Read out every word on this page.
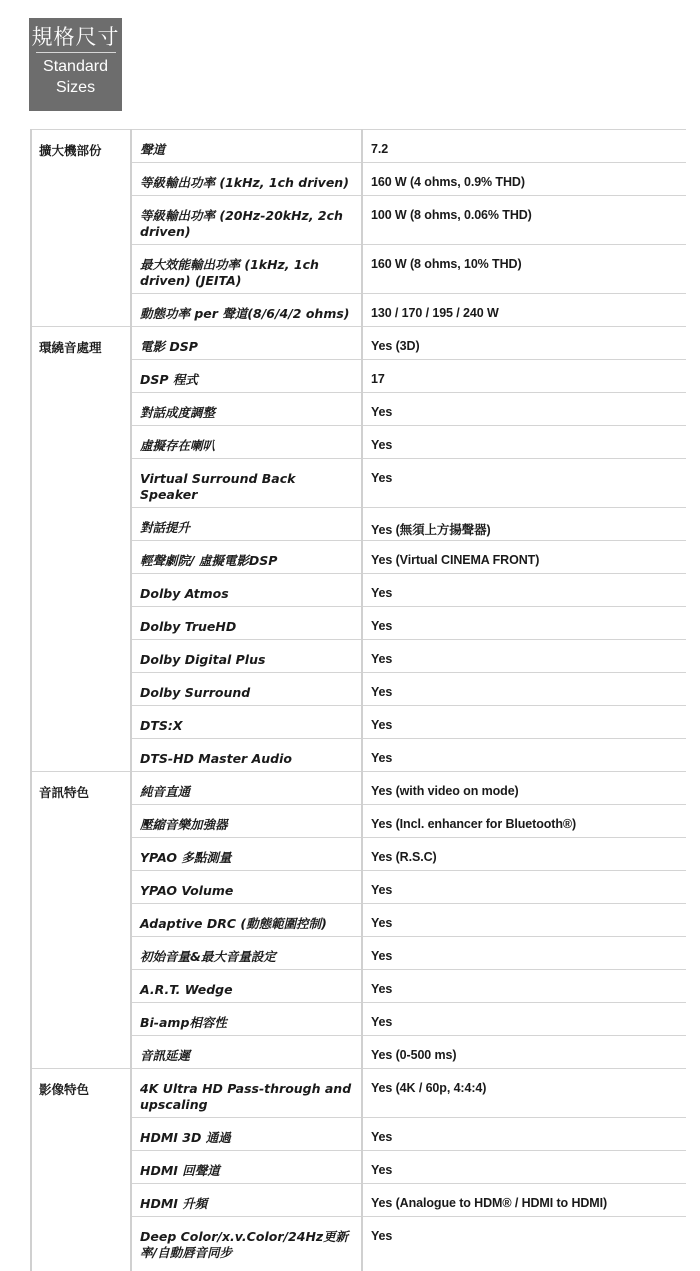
規格尺寸
Standard
Sizes
擴大機部份	聲道	7.2

	等級輸出功率 (1kHz, 1ch driven)	160 W (4 ohms, 0.9% THD)

	等級輸出功率 (20Hz-20kHz, 2ch driven)	100 W (8 ohms, 0.06% THD)

	最大效能輸出功率 (1kHz, 1ch driven) (JEITA)	160 W (8 ohms, 10% THD)

	動態功率 per 聲道(8/6/4/2 ohms)	130 / 170 / 195 / 240 W

環繞音處理	電影 DSP	Yes (3D)

	DSP 程式	17

	對話成度調整	Yes

	虛擬存在喇叭	Yes

	Virtual Surround Back Speaker	Yes

	對話提升	Yes (無須上方揚聲器)

	輕聲劇院/ 虛擬電影DSP	Yes (Virtual CINEMA FRONT)

	Dolby Atmos	Yes

	Dolby TrueHD	Yes

	Dolby Digital Plus	Yes

	Dolby Surround	Yes

	DTS:X	Yes

	DTS-HD Master Audio	Yes

音訊特色	純音直通	Yes (with video on mode)

	壓縮音樂加強器	Yes (Incl. enhancer for Bluetooth®)

	YPAO 多點測量	Yes (R.S.C)

	YPAO Volume	Yes

	Adaptive DRC (動態範圍控制)	Yes

	初始音量&最大音量設定	Yes

	A.R.T. Wedge	Yes

	Bi-amp相容性	Yes

	音訊延遲	Yes (0-500 ms)

影像特色	4K Ultra HD Pass-through and upscaling	Yes (4K / 60p, 4:4:4)

	HDMI 3D 通過	Yes

	HDMI 回聲道	Yes

	HDMI 升頻	Yes (Analogue to HDM® / HDMI to HDMI)

	Deep Color/x.v.Color/24Hz更新率/自動唇音同步	Yes
